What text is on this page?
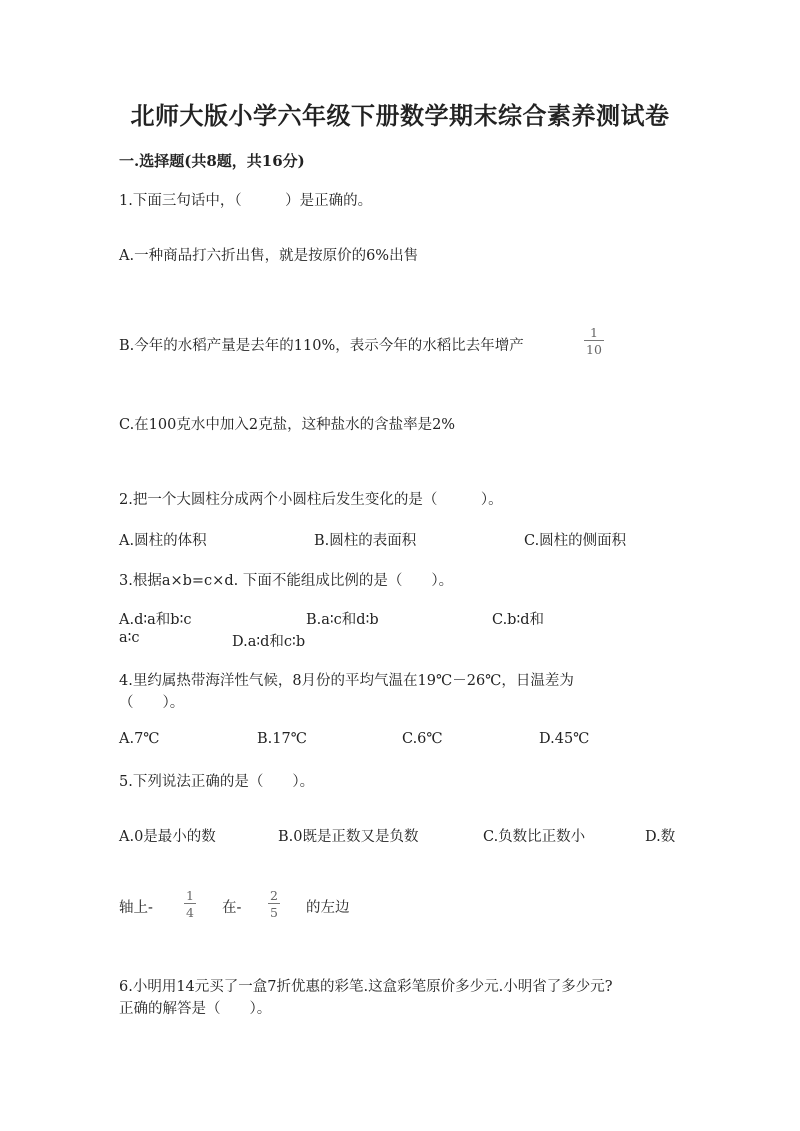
北师大版小学六年级下册数学期末综合素养测试卷
一.选择题(共8题，共16分)
1.下面三句话中，（　　　）是正确的。
A.一种商品打六折出售，就是按原价的6%出售
B.今年的水稻产量是去年的110%，表示今年的水稻比去年增产
1
10
C.在100克水中加入2克盐，这种盐水的含盐率是2%
2.把一个大圆柱分成两个小圆柱后发生变化的是（　　　）。
A.圆柱的体积	B.圆柱的表面积	C.圆柱的侧面积
3.根据a×b=c×d. 下面不能组成比例的是（　　）。
A.d∶a和b∶c	B.a∶c和d∶b	C.b∶d和
a∶c	D.a∶d和c∶b
4.里约属热带海洋性气候，8月份的平均气温在19℃－26℃，日温差为
（　　）。
A.7℃	B.17℃	C.6℃	D.45℃
5.下列说法正确的是（　　）。
A.0是最小的数	B.0既是正数又是负数	C.负数比正数小	D.数
轴上-
1
4 在-
2
5 的左边
6.小明用14元买了一盒7折优惠的彩笔.这盒彩笔原价多少元.小明省了多少元?
正确的解答是（　　）。
